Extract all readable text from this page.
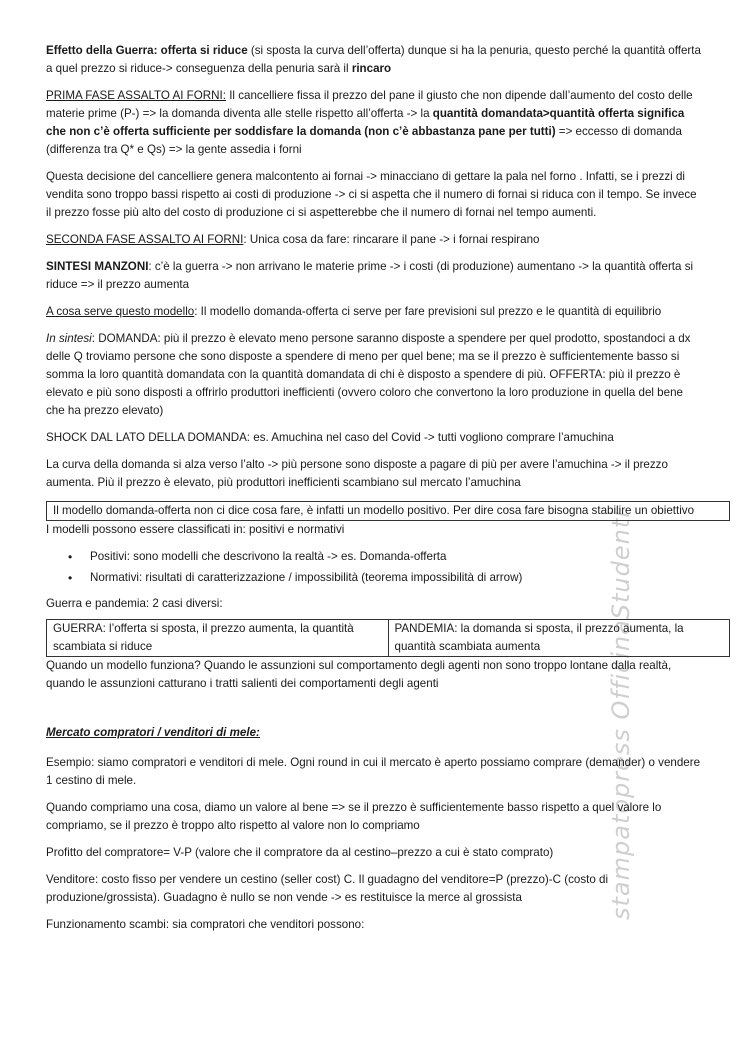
stampatopress OfficinaStudenti

Effetto della Guerra: offerta si riduce (si sposta la curva dell’offerta) dunque si ha la penuria, questo perché la quantità offerta a quel prezzo si riduce-> conseguenza della penuria sarà il rincaro

PRIMA FASE ASSALTO AI FORNI: Il cancelliere fissa il prezzo del pane il giusto che non dipende dall’aumento del costo delle materie prime (P-) => la domanda diventa alle stelle rispetto all’offerta -> la quantità domandata>quantità offerta significa che non c’è offerta sufficiente per soddisfare la domanda (non c’è abbastanza pane per tutti) => eccesso di domanda (differenza tra Q* e Qs) => la gente assedia i forni

Questa decisione del cancelliere genera malcontento ai fornai -> minacciano di gettare la pala nel forno . Infatti, se i prezzi di vendita sono troppo bassi rispetto ai costi di produzione -> ci si aspetta che il numero di fornai si riduca con il tempo. Se invece il prezzo fosse più alto del costo di produzione ci si aspetterebbe che il numero di fornai nel tempo aumenti.

SECONDA FASE ASSALTO AI FORNI: Unica cosa da fare: rincarare il pane -> i fornai respirano

SINTESI MANZONI: c’è la guerra -> non arrivano le materie prime -> i costi (di produzione) aumentano -> la quantità offerta si riduce => il prezzo aumenta

A cosa serve questo modello: Il modello domanda-offerta ci serve per fare previsioni sul prezzo e le quantità di equilibrio

In sintesi: DOMANDA: più il prezzo è elevato meno persone saranno disposte a spendere per quel prodotto, spostandoci a dx delle Q troviamo persone che sono disposte a spendere di meno per quel bene; ma se il prezzo è sufficientemente basso si somma la loro quantità domandata con la quantità domandata di chi è disposto a spendere di più. OFFERTA: più il prezzo è elevato e più sono disposti a offrirlo produttori inefficienti (ovvero coloro che convertono la loro produzione in quella del bene che ha prezzo elevato)

SHOCK DAL LATO DELLA DOMANDA: es. Amuchina nel caso del Covid -> tutti vogliono comprare l’amuchina

La curva della domanda si alza verso l’alto -> più persone sono disposte a pagare di più per avere l’amuchina -> il prezzo aumenta. Più il prezzo è elevato, più produttori inefficienti scambiano sul mercato l’amuchina

Il modello domanda-offerta non ci dice cosa fare, è infatti un modello positivo. Per dire cosa fare bisogna stabilire un obiettivo

I modelli possono essere classificati in: positivi e normativi

• Positivi: sono modelli che descrivono la realtà -> es. Domanda-offerta
• Normativi: risultati di caratterizzazione / impossibilità (teorema impossibilità di arrow)

Guerra e pandemia: 2 casi diversi:

GUERRA: l’offerta si sposta, il prezzo aumenta, la quantità scambiata si riduce	PANDEMIA: la domanda si sposta, il prezzo aumenta, la quantità scambiata aumenta

Quando un modello funziona? Quando le assunzioni sul comportamento degli agenti non sono troppo lontane dalla realtà, quando le assunzioni catturano i tratti salienti dei comportamenti degli agenti

Mercato compratori / venditori di mele:

Esempio: siamo compratori e venditori di mele. Ogni round in cui il mercato è aperto possiamo comprare (demander) o vendere 1 cestino di mele.

Quando compriamo una cosa, diamo un valore al bene => se il prezzo è sufficientemente basso rispetto a quel valore lo compriamo, se il prezzo è troppo alto rispetto al valore non lo compriamo

Profitto del compratore= V-P (valore che il compratore da al cestino–prezzo a cui è stato comprato)

Venditore: costo fisso per vendere un cestino (seller cost) C. Il guadagno del venditore=P (prezzo)-C (costo di produzione/grossista). Guadagno è nullo se non vende -> es restituisce la merce al grossista

Funzionamento scambi: sia compratori che venditori possono:
